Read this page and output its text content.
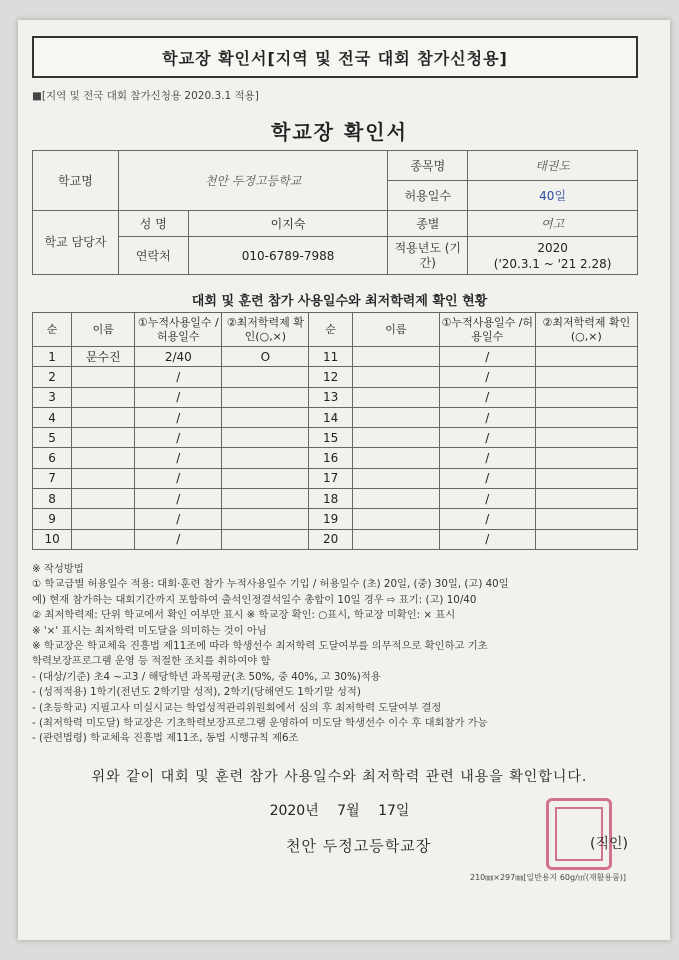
학교장 확인서[지역 및 전국 대회 참가신청용]
■[지역 및 전국 대회 참가신청용 2020.3.1 적용]
학교장 확인서
학교명	천안 두정고등학교		종목명	태권도
			허용일수	40일
학교 담당자	성 명	이지숙	종별	여고
	연락처	010-6789-7988	적용년도 (기간)	2020
('20.3.1 ~ '21 2.28)
대회 및 훈련 참가 사용일수와 최저학력제 확인 현황
순	이름	①누적사용일수 /허용일수	②최저학력제 확인(○,×)	순	이름	①누적사용일수 /허용일수	②최저학력제 확인(○,×)
1	문수진	2/40	O	11		/	
2		/		12		/	
3		/		13		/	
4		/		14		/	
5		/		15		/	
6		/		16		/	
7		/		17		/	
8		/		18		/	
9		/		19		/	
10		/		20		/	
※ 작성방법
① 학교급별 허용일수 적용: 대회·훈련 참가 누적사용일수 기입 / 허용일수 (초) 20일, (중) 30일, (고) 40일
예) 현재 참가하는 대회기간까지 포함하여 출석인정결석일수 총합이 10일 경우 ⇨ 표기: (고) 10/40
② 최저학력제: 단위 학교에서 확인 여부만 표시 ※ 학교장 확인: ○표시, 학교장 미확인: × 표시
※ '×' 표시는 최저학력 미도달을 의미하는 것이 아님
※ 학교장은 학교체육 진흥법 제11조에 따라 학생선수 최저학력 도달여부를 의무적으로 확인하고 기초
학력보장프로그램 운영 등 적절한 조치를 취하여야 함
- (대상/기준) 초4 ~고3 / 해당학년 과목평균(초 50%, 중 40%, 고 30%)적용
- (성적적용) 1학기(전년도 2학기말 성적), 2학기(당해연도 1학기말 성적)
- (초등학교) 지필고사 미실시교는 학업성적관리위원회에서 심의 후 최저학력 도달여부 결정
- (최저학력 미도달) 학교장은 기초학력보장프로그램 운영하여 미도달 학생선수 이수 후 대회참가 가능
- (관련법령) 학교체육 진흥법 제11조, 동법 시행규칙 제6조
위와 같이 대회 및 훈련 참가 사용일수와 최저학력 관련 내용을 확인합니다.
2020년 7월 17일
천안 두정고등학교장	(직인)
210㎜×297㎜[일반용지 60g/㎡(재활용품)]
